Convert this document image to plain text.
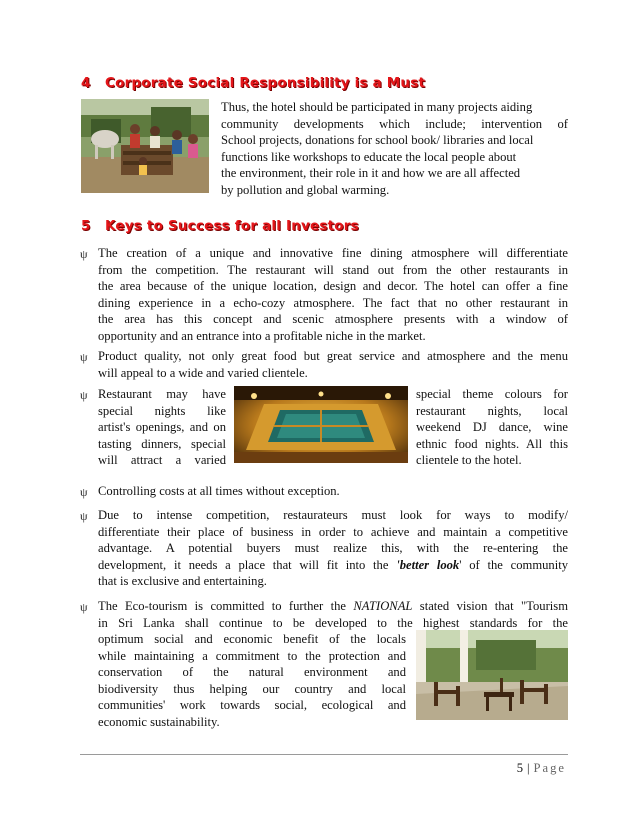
4 Corporate Social Responsibility is a Must
Thus, the hotel should be participated in many projects aiding
community developments which include; intervention of
School projects, donations for school book/ libraries and local
functions like workshops to educate the local people about
the environment, their role in it and how we are all affected
by pollution and global warming.
5 Keys to Success for all Investors
ψ The creation of a unique and innovative fine dining atmosphere will differentiate
from the competition. The restaurant will stand out from the other restaurants in
the area because of the unique location, design and decor. The hotel can offer a fine
dining experience in a echo-cozy atmosphere. The fact that no other restaurant in
the area has this concept and scenic atmosphere presents with a window of
opportunity and an entrance into a profitable niche in the market.
ψ Product quality, not only great food but great service and atmosphere and the menu
will appeal to a wide and varied clientele.
ψ Restaurant may have
special nights like
artist's openings, and on
tasting dinners, special
will attract a varied
special theme colours for
restaurant nights, local
weekend DJ dance, wine
ethnic food nights. All this
clientele to the hotel.
ψ Controlling costs at all times without exception.
ψ Due to intense competition, restaurateurs must look for ways to modify/
differentiate their place of business in order to achieve and maintain a competitive
advantage. A potential buyers must realize this, with the re-entering the
development, it needs a place that will fit into the 'better look' of the community
that is exclusive and entertaining.
ψ The Eco-tourism is committed to further the NATIONAL stated vision that "Tourism
in Sri Lanka shall continue to be developed to the highest standards for the
optimum social and economic benefit of the locals
while maintaining a commitment to the protection and
conservation of the natural environment and
biodiversity thus helping our country and local
communities' work towards social, ecological and
economic sustainability.
5 | Page
